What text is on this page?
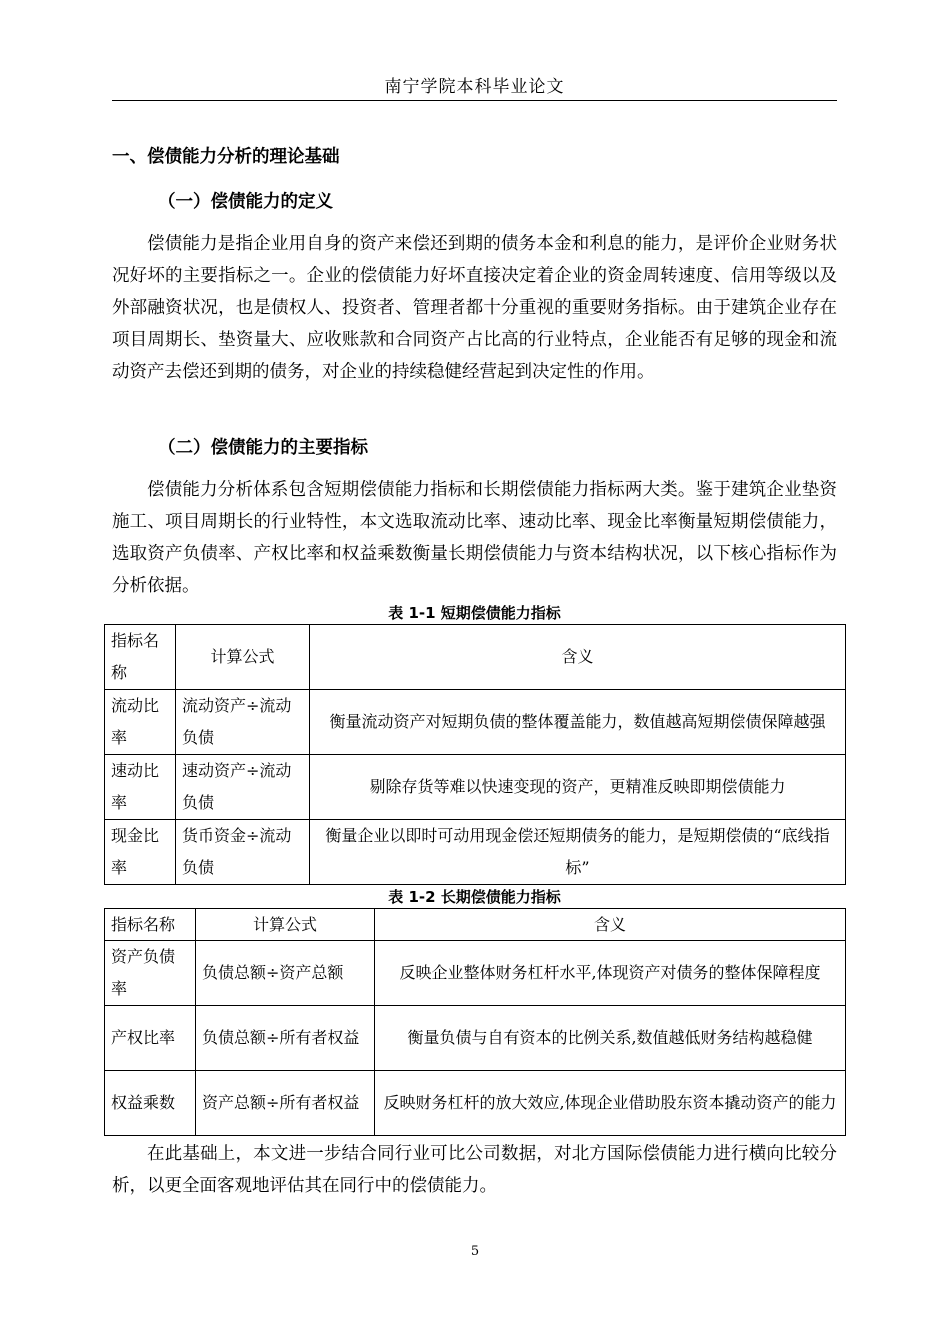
南宁学院本科毕业论文
一、偿债能力分析的理论基础
（一）偿债能力的定义

偿债能力是指企业用自身的资产来偿还到期的债务本金和利息的能力，是评价企业财务状况好坏的主要指标之一。企业的偿债能力好坏直接决定着企业的资金周转速度、信用等级以及外部融资状况，也是债权人、投资者、管理者都十分重视的重要财务指标。由于建筑企业存在项目周期长、垫资量大、应收账款和合同资产占比高的行业特点，企业能否有足够的现金和流动资产去偿还到期的债务，对企业的持续稳健经营起到决定性的作用。

（二）偿债能力的主要指标

偿债能力分析体系包含短期偿债能力指标和长期偿债能力指标两大类。鉴于建筑企业垫资施工、项目周期长的行业特性，本文选取流动比率、速动比率、现金比率衡量短期偿债能力，选取资产负债率、产权比率和权益乘数衡量长期偿债能力与资本结构状况，以下核心指标作为分析依据。

表 1-1 短期偿债能力指标
指标名称	计算公式	含义
流动比率	流动资产÷流动负债	衡量流动资产对短期负债的整体覆盖能力，数值越高短期偿债保障越强
速动比率	速动资产÷流动负债	剔除存货等难以快速变现的资产，更精准反映即期偿债能力
现金比率	货币资金÷流动负债	衡量企业以即时可动用现金偿还短期债务的能力，是短期偿债的“底线指标”
表 1-2 长期偿债能力指标
指标名称	计算公式	含义
资产负债率	负债总额÷资产总额	反映企业整体财务杠杆水平,体现资产对债务的整体保障程度
产权比率	负债总额÷所有者权益	衡量负债与自有资本的比例关系,数值越低财务结构越稳健
权益乘数	资产总额÷所有者权益	反映财务杠杆的放大效应,体现企业借助股东资本撬动资产的能力

在此基础上，本文进一步结合同行业可比公司数据，对北方国际偿债能力进行横向比较分析，以更全面客观地评估其在同行中的偿债能力。

5
